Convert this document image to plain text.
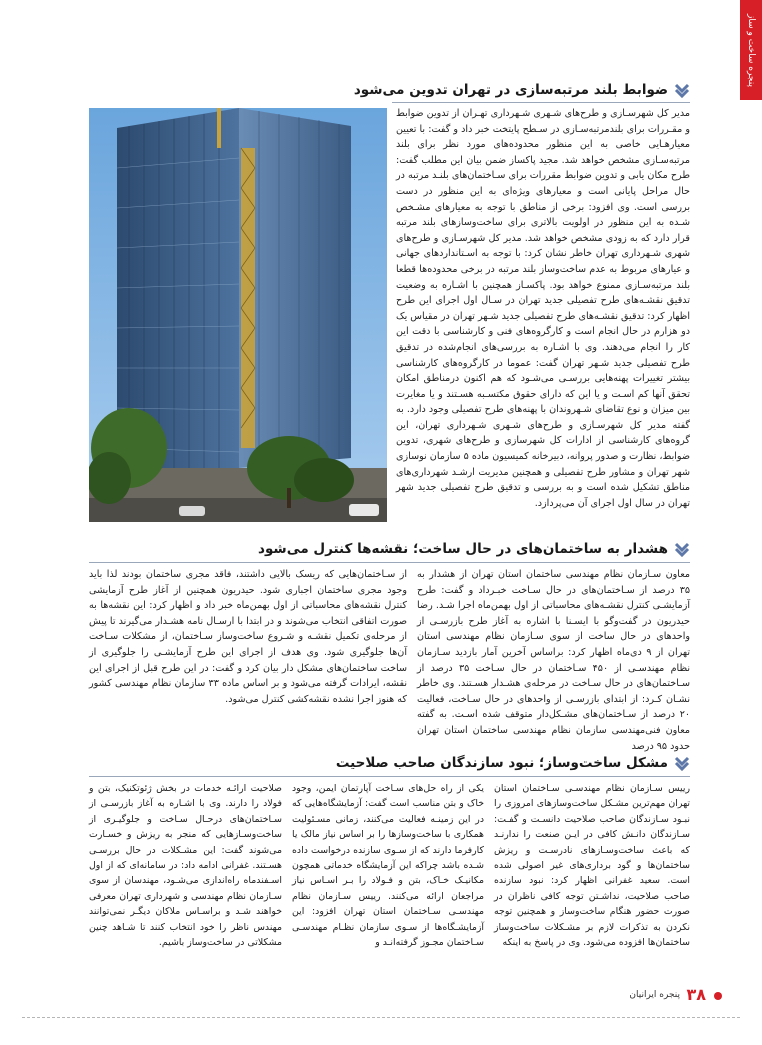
پنجره ساخت و ساز
ضوابط بلند مرتبه‌سازی در تهران تدوین می‌شود
مدیر کل شهرسـازی و طرح‌های شـهری شـهرداری تهـران از تدوین ضوابط و مقـررات برای بلندمرتبه‌سـازی در سـطح پایتخت خبر داد و گفت: با تعیین معیارهـایی خاصی به این منظور محدوده‌های مورد نظر برای بلند مرتبه‌سـازی مشخص خواهد شد. مجید پاکساز ضمن بیان این مطلب گفت: طرح مکان یابی و تدوین ضوابط مقررات برای سـاختمان‌های بلنـد مرتبه در حال مراحل پایانی است و معیارهای ویژه‌ای به این منظور در دست بررسی است. وی افزود: برخی از مناطق با توجه به معیارهای مشـخص شـده به این منظور در اولویت بالاتری برای ساخت‌وسازهای بلند مرتبه قرار دارد که به زودی مشخص خواهد شد. مدیر کل شهرسـازی و طرح‌های شهری شـهرداری تهران خاطر نشان کرد: با توجه به اسـتانداردهای جهانی و عیارهای مربوط به عدم ساخت‌وساز بلند مرتبه در برخی محدوده‌ها قطعا بلند مرتبه‌سـازی ممنوع خواهد بود. پاکسـاز همچنین با اشـاره به وضعیت تدقیق نقشـه‌های طرح تفصیلی جدید تهران در سـال اول اجرای این طرح اظهار کرد: تدقیق نقشـه‌های طرح تفصیلی جدید شـهر تهران در مقیاس یک دو هزارم در حال انجام است و کارگروه‌های فنی و کارشناسی با دقت این کار را انجام می‌دهند. وی با اشـاره به بررسی‌های انجام‌شده در تدقیق طرح تفصیلی جدید شـهر تهران گفت: عموما در کارگروه‌های کارشناسی بیشتر تغییرات پهنه‌هایی بررسـی می‌شـود که هم اکنون درمناطق امکان تحقق آنها کم اسـت و یا این که دارای حقوق مکتسـبه هسـتند و یا مغایرت بین میزان و نوع تقاضای شـهروندان با پهنه‌های طرح تفصیلی وجود دارد. به گفته مدیر کل شهرسـازی و طرح‌های شـهری شـهرداری تهران، این گروه‌های کارشناسی از ادارات کل شهرسازی و طرح‌های شهری، تدوین ضوابط، نظارت و صدور پروانه، دبیرخانه کمیسیون ماده ۵ سازمان نوسازی شهر تهران و مشاور طرح تفصیلی و همچنین مدیریت ارشـد شهرداری‌های مناطق تشکیل شده است و به بررسی و تدقیق طرح تفصیلی جدید شهر تهران در سال اول اجرای آن می‌پردازد.
هشدار به ساختمان‌های در حال ساخت؛ نقشه‌ها کنترل می‌شود
معاون سـازمان نظام مهندسی ساختمان استان تهران از هشدار به ۳۵ درصد از سـاختمان‌های در حال سـاخت خبـرداد و گفت: طرح آزمایشـی کنترل نقشـه‌های محاسباتی از اول بهمن‌ماه اجرا شـد. رضا حیدریون در گفت‌وگو با ایسـنا با اشاره به آغاز طرح بازرسـی از واحدهای در حال ساخت از سوی سـازمان نظام مهندسی استان تهران از ۹ دی‌ماه اظهار کرد: براساس آخرین آمار بازدید سـازمان نظام مهندسـی از ۴۵۰ سـاختمان در حال سـاخت ۳۵ درصد از سـاختمان‌های در حال سـاخت در مرحله‌ی هشـدار هسـتند. وی خاطر نشـان کـرد: از ابتدای بازرسـی از واحدهای در حال سـاخت، فعالیت ۲۰ درصد از سـاختمان‌های مشـکل‌دار متوقف شده اسـت. به گفته معاون فنی‌مهندسی سازمان نظام مهندسی ساختمان استان تهران حدود ۹۵ درصد
از سـاختمان‌هایی که ریسک بالایی داشتند، فاقد مجری ساختمان بودند لذا باید وجود مجری ساختمان اجباری شود. حیدریون همچنین از آغاز طرح آزمایشی کنترل نقشه‌های محاسباتی از اول بهمن‌ماه خبر داد و اظهار کرد: این نقشه‌ها به صورت اتفاقی انتخاب می‌شوند و در ابتدا با ارسـال نامه هشـدار می‌گیرند تا پیش از مرحله‌ی تکمیل نقشـه و شـروع ساخت‌وساز سـاختمان، از مشکلات سـاخت آن‌ها جلوگیری شود. وی هدف از اجرای این طرح آزمایشـی را جلوگیری از ساخت ساختمان‌های مشکل دار بیان کرد و گفت: در این طرح قبل از اجرای این نقشه، ایرادات گرفته می‌شود و بر اساس ماده ۳۳ سازمان نظام مهندسی کشور که هنوز اجرا نشده نقشه‌کشی کنترل می‌شود.
مشکل ساخت‌وساز؛ نبود سازندگان صاحب صلاحیت
رییس سـازمان نظام مهندسـی سـاختمان استان تهران مهم‌ترین مشـکل ساخت‌وسازهای امروزی را نبـود سـازندگان صاحب صلاحیت دانسـت و گفـت: سـازندگان دانـش کافی در ایـن صنعت را ندارنـد که باعث ساخت‌وسـازهای نادرسـت و ریزش ساختمان‌ها و گود برداری‌های غیر اصولی شده است. سعید غفرانی اظهار کرد: نبود سازنده صاحب صلاحیت، نداشـتن توجه کافی ناظران در صورت حضور هنگام ساخت‌وساز و همچنین توجه نکردن به تذکرات لازم بر مشـکلات ساخت‌وساز ساختمان‌ها افزوده می‌شود. وی در پاسخ به اینکه
یکی از راه حل‌های سـاخت آپارتمان ایمن، وجود خاک و بتن مناسب است گفت: آزمایشگاه‌هایی که در این زمینـه فعالیت می‌کنند، زمانی مسـئولیت همکاری با ساخت‌وسازها را بر اساس نیاز مالک یا کارفرما دارند که از سـوی سازنده درخواست داده شـده باشد چراکه این آزمایشگاه خدماتی همچون مکانیـک خـاک، بتن و فـولاد را بـر اسـاس نیاز مراجعان ارائه می‌کنند. رییس سـازمان نظام مهندسـی سـاختمان استان تهران افزود: این آزمایشـگاه‌ها از سـوی سازمان نظـام مهندسـی سـاختمان مجـوز گرفته‌انـد و
صلاحیت ارائـه خدمات در بخش ژئوتکنیک، بتن و فولاد را دارند. وی با اشـاره به آغاز بازرسـی از سـاختمان‌های درحـال سـاخت و جلوگیـری از ساخت‌وسـازهایی که منجر به ریزش و خسـارت می‌شوند گفت: این مشـکلات در حال بررسـی هسـتند. غفرانی ادامه داد: در سامانه‌ای که از اول اسـفندماه راه‌اندازی می‌شـود، مهندسان از سوی سـازمان نظام مهندسی و شهرداری تهران معرفی خواهند شـد و براسـاس ملاکان دیگـر نمی‌توانند مهندس ناظر را خود انتخاب کنند تا شـاهد چنین مشکلاتی در ساخت‌وساز باشیم.
۳۸
پنجره ایرانیان
